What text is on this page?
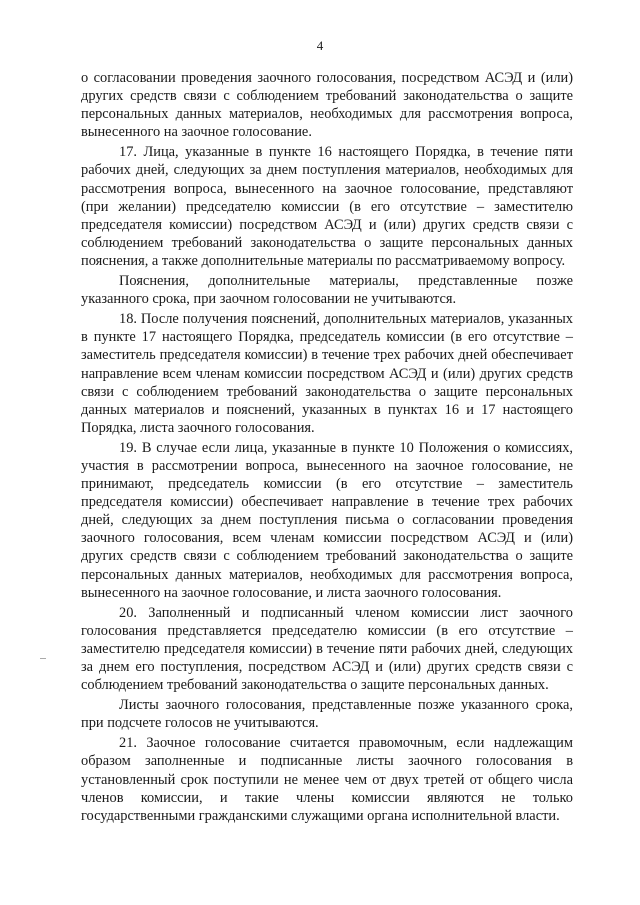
4

о согласовании проведения заочного голосования, посредством АСЭД и (или) других средств связи с соблюдением требований законодательства о защите персональных данных материалов, необходимых для рассмотрения вопроса, вынесенного на заочное голосование.

17. Лица, указанные в пункте 16 настоящего Порядка, в течение пяти рабочих дней, следующих за днем поступления материалов, необходимых для рассмотрения вопроса, вынесенного на заочное голосование, представляют (при желании) председателю комиссии (в его отсутствие – заместителю председателя комиссии) посредством АСЭД и (или) других средств связи с соблюдением требований законодательства о защите персональных данных пояснения, а также дополнительные материалы по рассматриваемому вопросу.

Пояснения, дополнительные материалы, представленные позже указанного срока, при заочном голосовании не учитываются.

18. После получения пояснений, дополнительных материалов, указанных в пункте 17 настоящего Порядка, председатель комиссии (в его отсутствие – заместитель председателя комиссии) в течение трех рабочих дней обеспечивает направление всем членам комиссии посредством АСЭД и (или) других средств связи с соблюдением требований законодательства о защите персональных данных материалов и пояснений, указанных в пунктах 16 и 17 настоящего Порядка, листа заочного голосования.

19. В случае если лица, указанные в пункте 10 Положения о комиссиях, участия в рассмотрении вопроса, вынесенного на заочное голосование, не принимают, председатель комиссии (в его отсутствие – заместитель председателя комиссии) обеспечивает направление в течение трех рабочих дней, следующих за днем поступления письма о согласовании проведения заочного голосования, всем членам комиссии посредством АСЭД и (или) других средств связи с соблюдением требований законодательства о защите персональных данных материалов, необходимых для рассмотрения вопроса, вынесенного на заочное голосование, и листа заочного голосования.

20. Заполненный и подписанный членом комиссии лист заочного голосования представляется председателю комиссии (в его отсутствие – заместителю председателя комиссии) в течение пяти рабочих дней, следующих за днем его поступления, посредством АСЭД и (или) других средств связи с соблюдением требований законодательства о защите персональных данных.

Листы заочного голосования, представленные позже указанного срока, при подсчете голосов не учитываются.

21. Заочное голосование считается правомочным, если надлежащим образом заполненные и подписанные листы заочного голосования в установленный срок поступили не менее чем от двух третей от общего числа членов комиссии, и такие члены комиссии являются не только государственными гражданскими служащими органа исполнительной власти.
